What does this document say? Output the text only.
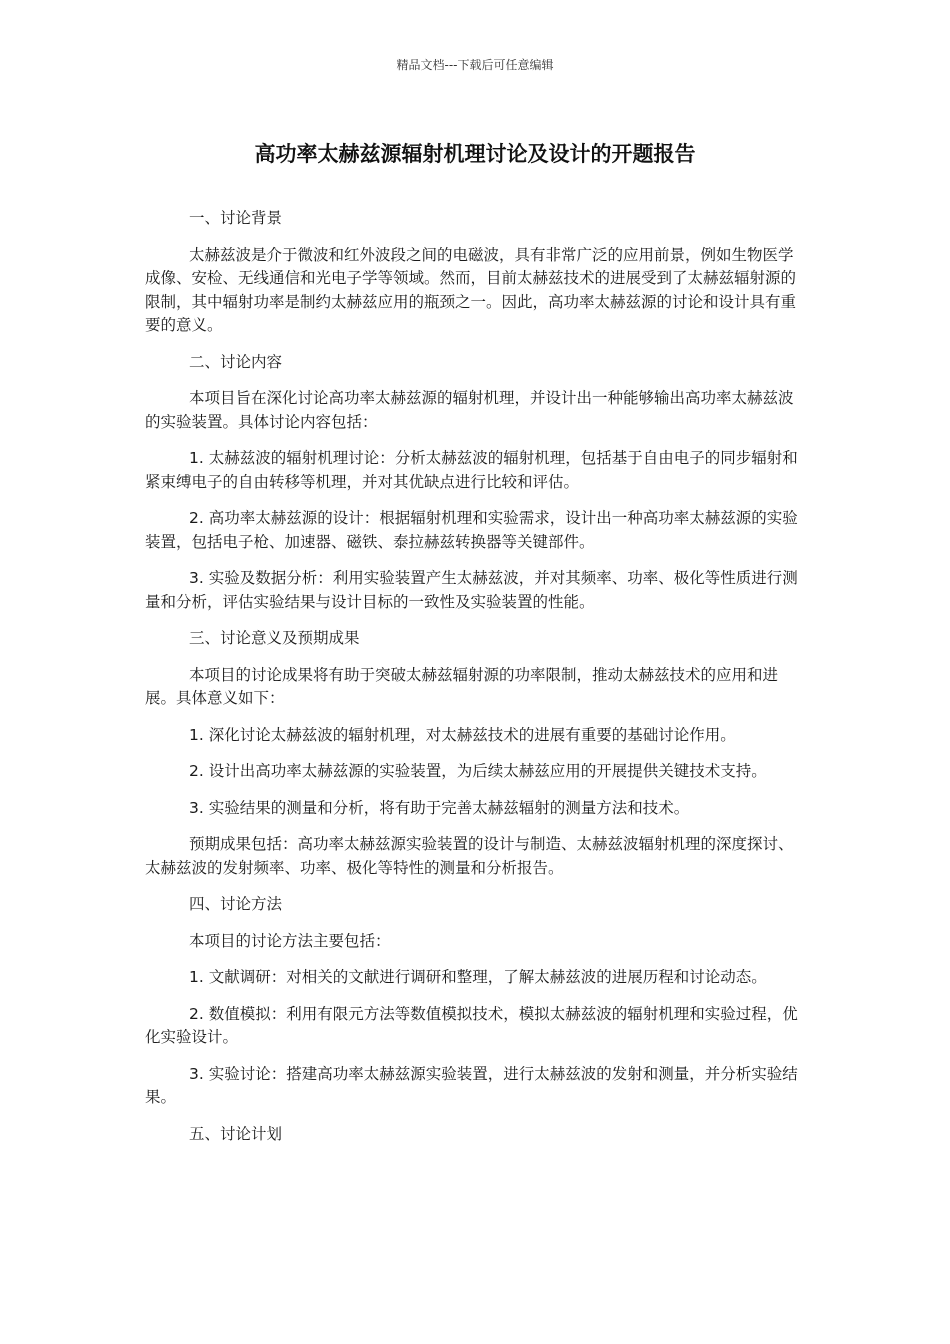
精品文档---下载后可任意编辑
高功率太赫兹源辐射机理讨论及设计的开题报告

一、讨论背景

太赫兹波是介于微波和红外波段之间的电磁波，具有非常广泛的应用前景，例如生物医学成像、安检、无线通信和光电子学等领域。然而，目前太赫兹技术的进展受到了太赫兹辐射源的限制，其中辐射功率是制约太赫兹应用的瓶颈之一。因此，高功率太赫兹源的讨论和设计具有重要的意义。

二、讨论内容

本项目旨在深化讨论高功率太赫兹源的辐射机理，并设计出一种能够输出高功率太赫兹波的实验装置。具体讨论内容包括：

1. 太赫兹波的辐射机理讨论：分析太赫兹波的辐射机理，包括基于自由电子的同步辐射和紧束缚电子的自由转移等机理，并对其优缺点进行比较和评估。

2. 高功率太赫兹源的设计：根据辐射机理和实验需求，设计出一种高功率太赫兹源的实验装置，包括电子枪、加速器、磁铁、泰拉赫兹转换器等关键部件。

3. 实验及数据分析：利用实验装置产生太赫兹波，并对其频率、功率、极化等性质进行测量和分析，评估实验结果与设计目标的一致性及实验装置的性能。

三、讨论意义及预期成果

本项目的讨论成果将有助于突破太赫兹辐射源的功率限制，推动太赫兹技术的应用和进展。具体意义如下：

1. 深化讨论太赫兹波的辐射机理，对太赫兹技术的进展有重要的基础讨论作用。

2. 设计出高功率太赫兹源的实验装置，为后续太赫兹应用的开展提供关键技术支持。

3. 实验结果的测量和分析，将有助于完善太赫兹辐射的测量方法和技术。

预期成果包括：高功率太赫兹源实验装置的设计与制造、太赫兹波辐射机理的深度探讨、太赫兹波的发射频率、功率、极化等特性的测量和分析报告。

四、讨论方法

本项目的讨论方法主要包括：

1. 文献调研：对相关的文献进行调研和整理，了解太赫兹波的进展历程和讨论动态。

2. 数值模拟：利用有限元方法等数值模拟技术，模拟太赫兹波的辐射机理和实验过程，优化实验设计。

3. 实验讨论：搭建高功率太赫兹源实验装置，进行太赫兹波的发射和测量，并分析实验结果。

五、讨论计划
